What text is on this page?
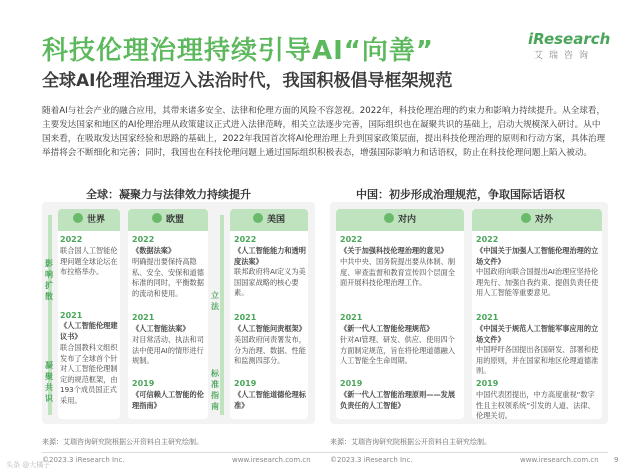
科技伦理治理持续引导AI“向善”
全球AI伦理治理迈入法治时代，我国积极倡导框架规范
iResearch
艾瑞咨询
随着AI与社会产业的融合应用，其带来诸多安全、法律和伦理方面的风险不容忽视。2022年，科技伦理治理的约束力和影响力持续提升。从全球看，主要发达国家和地区的AI伦理治理从政策建议正式进入法律范畴，相关立法逐步完善，国际组织也在凝聚共识的基础上，启动大规模深入研讨。从中国来看，在吸取发达国家经验和思路的基础上，2022年我国首次将AI伦理治理上升到国家政策层面，提出科技伦理治理的原则和行动方案，具体治理举措将会不断细化和完善；同时，我国也在科技伦理问题上通过国际组织积极表态，增强国际影响力和话语权，防止在科技伦理问题上陷入被动。
全球：凝聚力与法律效力持续提升	中国：初步形成治理规范，争取国际话语权
影响扩散
凝聚共识
立法
标准指南
世界
2022
联合国人工智能伦理问题全球论坛在布拉格举办。
2021
《人工智能伦理建议书》
联合国教科文组织发布了全球首个针对人工智能伦理制定的规范框架，由193个成员国正式采用。
欧盟
2022
《数据法案》
明确提出要保持高隐私、安全、安保和道德标准的同时，平衡数据的流动和使用。
2021
《人工智能法案》
对目常活动、执法和司法中使用AI的情形进行规制。
2019
《可信赖人工智能的伦理指南》
美国
2022
《人工智能能力和透明度法案》
联邦政府将AI定义为美国国家战略的核心要素。
2021
《人工智能问责框架》
美国政府问责署发布，分为治理、数据、性能和监测四部分。
2019
《人工智能道德伦理标准》
对内
2022
《关于加强科技伦理治理的意见》
中共中央、国务院提出要从体制、制度、审查监督和教育宣传四个层面全面开展科技伦理治理工作。
2021
《新一代人工智能伦理规范》
针对AI管理、研发、供应、使用四个方面制定规范，旨在将伦理道德融入人工智能全生命周期。
2019
《新一代人工智能治理原则——发展负责任的人工智能》
对外
2022
《中国关于加强人工智能伦理治理的立场文件》
中国政府向联合国提出AI治理应坚持伦理先行、加强自我约束、提倡负责任使用人工智能等重要意见。
2021
《中国关于规范人工智能军事应用的立场文件》
中国呼吁各国提出各国研发、部署和使用的原则，并在国家和地区伦理道德准则。
2019
中国代表团提出，中方高度重视“数字性且主权领系统”引发的人道、法律、伦理关切。
来源：艾瑞咨询研究院根据公开资料自主研究绘制。	来源：艾瑞咨询研究院根据公开资料自主研究绘制。
©2023.3 iResearch Inc.	www.iresearch.com.cn	©2023.3 iResearch Inc.	www.iresearch.com.cn 9
头条 @大橘子
